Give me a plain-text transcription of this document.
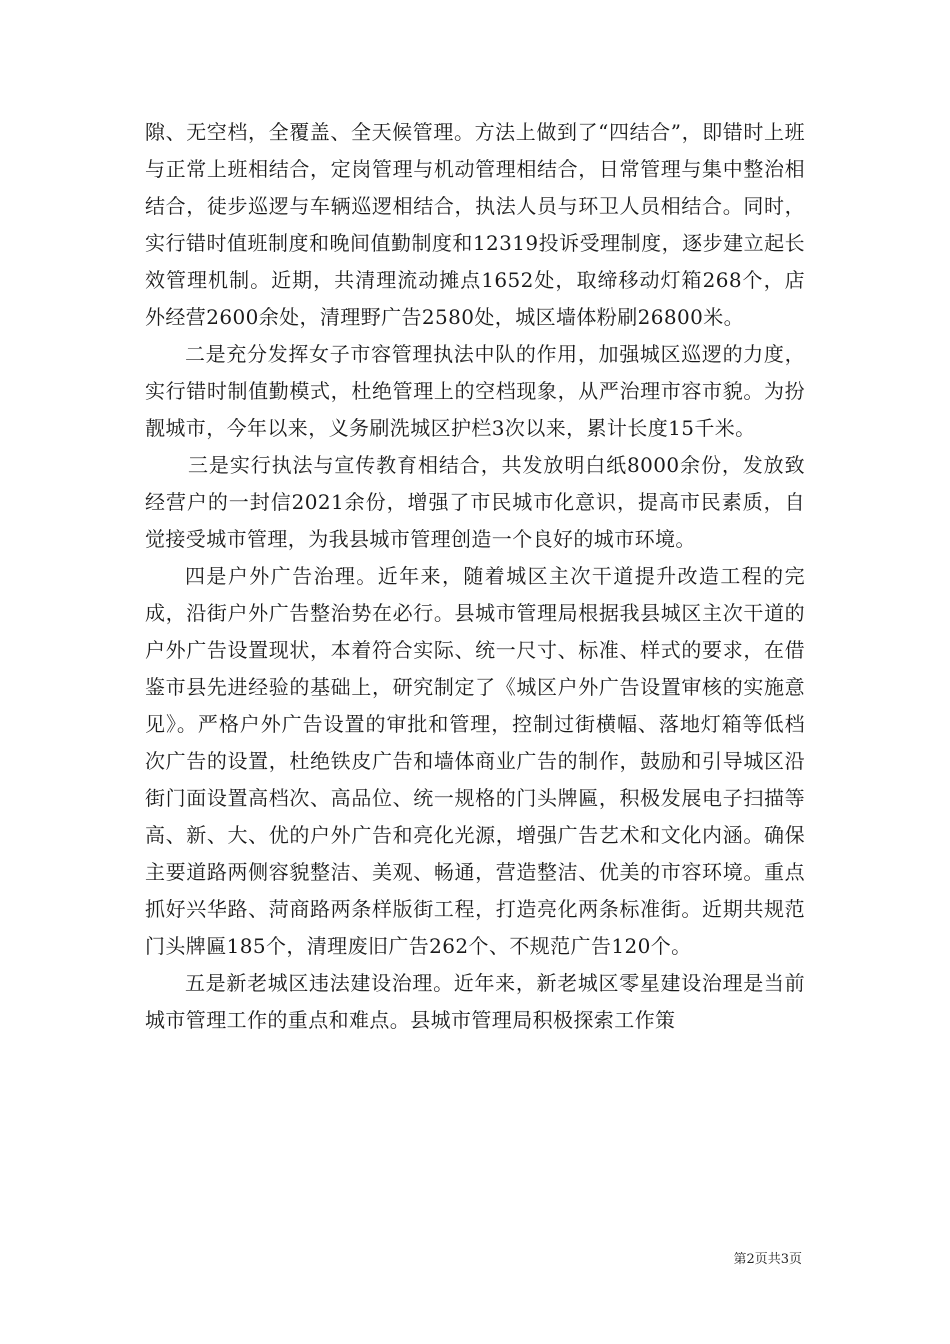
隙、无空档，全覆盖、全天候管理。方法上做到了“四结合”，即错时上班与正常上班相结合，定岗管理与机动管理相结合，日常管理与集中整治相结合，徒步巡逻与车辆巡逻相结合，执法人员与环卫人员相结合。同时，实行错时值班制度和晚间值勤制度和12319投诉受理制度，逐步建立起长效管理机制。近期，共清理流动摊点1652处，取缔移动灯箱268个，店外经营2600余处，清理野广告2580处，城区墙体粉刷26800米。

二是充分发挥女子市容管理执法中队的作用，加强城区巡逻的力度，实行错时制值勤模式，杜绝管理上的空档现象，从严治理市容市貌。为扮靓城市，今年以来，义务刷洗城区护栏3次以来，累计长度15千米。

三是实行执法与宣传教育相结合，共发放明白纸8000余份，发放致经营户的一封信2021余份，增强了市民城市化意识，提高市民素质，自觉接受城市管理，为我县城市管理创造一个良好的城市环境。

四是户外广告治理。近年来，随着城区主次干道提升改造工程的完成，沿街户外广告整治势在必行。县城市管理局根据我县城区主次干道的户外广告设置现状，本着符合实际、统一尺寸、标准、样式的要求，在借鉴市县先进经验的基础上，研究制定了《城区户外广告设置审核的实施意见》。严格户外广告设置的审批和管理，控制过街横幅、落地灯箱等低档次广告的设置，杜绝铁皮广告和墙体商业广告的制作，鼓励和引导城区沿街门面设置高档次、高品位、统一规格的门头牌匾，积极发展电子扫描等高、新、大、优的户外广告和亮化光源，增强广告艺术和文化内涵。确保主要道路两侧容貌整洁、美观、畅通，营造整洁、优美的市容环境。重点抓好兴华路、菏商路两条样版街工程，打造亮化两条标准街。近期共规范门头牌匾185个，清理废旧广告262个、不规范广告120个。

五是新老城区违法建设治理。近年来，新老城区零星建设治理是当前城市管理工作的重点和难点。县城市管理局积极探索工作策

第2页共3页
